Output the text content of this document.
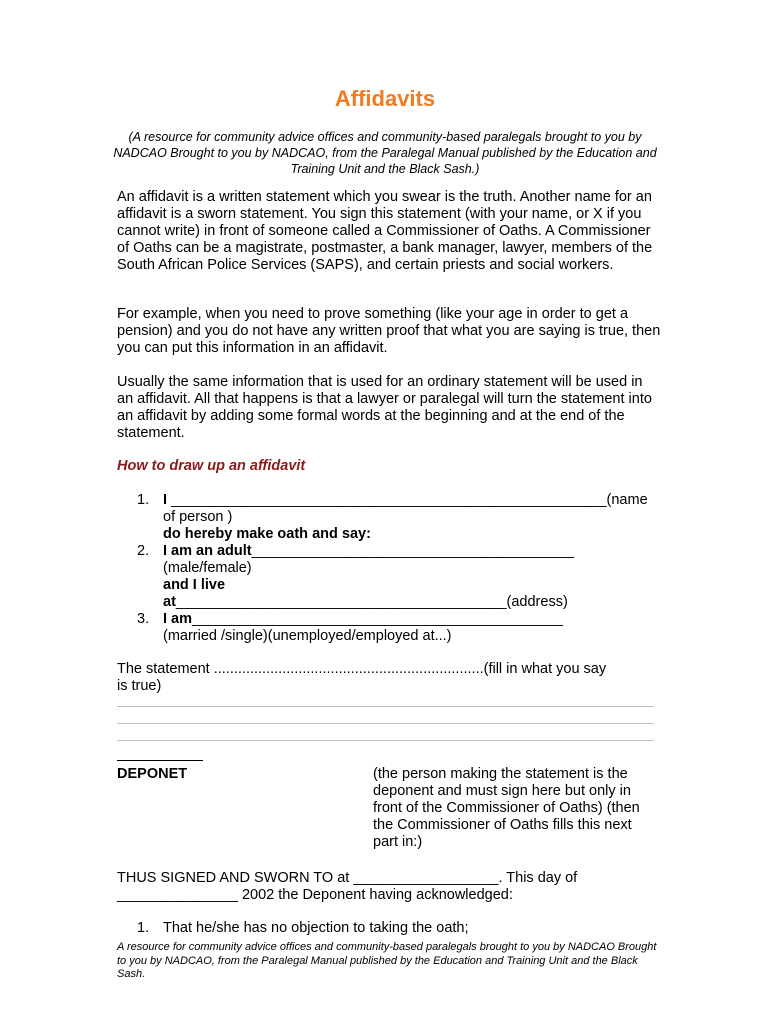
Affidavits

(A resource for community advice offices and community-based paralegals brought to you by NADCAO Brought to you by NADCAO, from the Paralegal Manual published by the Education and Training Unit and the Black Sash.)

An affidavit is a written statement which you swear is the truth. Another name for an affidavit is a sworn statement. You sign this statement (with your name, or X if you cannot write) in front of someone called a Commissioner of Oaths. A Commissioner of Oaths can be a magistrate, postmaster, a bank manager, lawyer, members of the South African Police Services (SAPS), and certain priests and social workers.

For example, when you need to prove something (like your age in order to get a pension) and you do not have any written proof that what you are saying is true, then you can put this information in an affidavit.

Usually the same information that is used for an ordinary statement will be used in an affidavit. All that happens is that a lawyer or paralegal will turn the statement into an affidavit by adding some formal words at the beginning and at the end of the statement.

How to draw up an affidavit

1. I ______________________________________________________(name
of person )
do hereby make oath and say:
2. I am an adult________________________________________
(male/female)
and I live
at_________________________________________(address)
3. I am______________________________________________
(married /single)(unemployed/employed at...)
The statement ...................................................................(fill in what you say
is true)
DEPONET	(the person making the statement is the deponent and must sign here but only in front of the Commissioner of Oaths) (then the Commissioner of Oaths fills this next part in:)

THUS SIGNED AND SWORN TO at __________________. This day of
_______________ 2002 the Deponent having acknowledged:
1. That he/she has no objection to taking the oath;

A resource for community advice offices and community-based paralegals brought to you by NADCAO Brought to you by NADCAO, from the Paralegal Manual published by the Education and Training Unit and the Black Sash.
